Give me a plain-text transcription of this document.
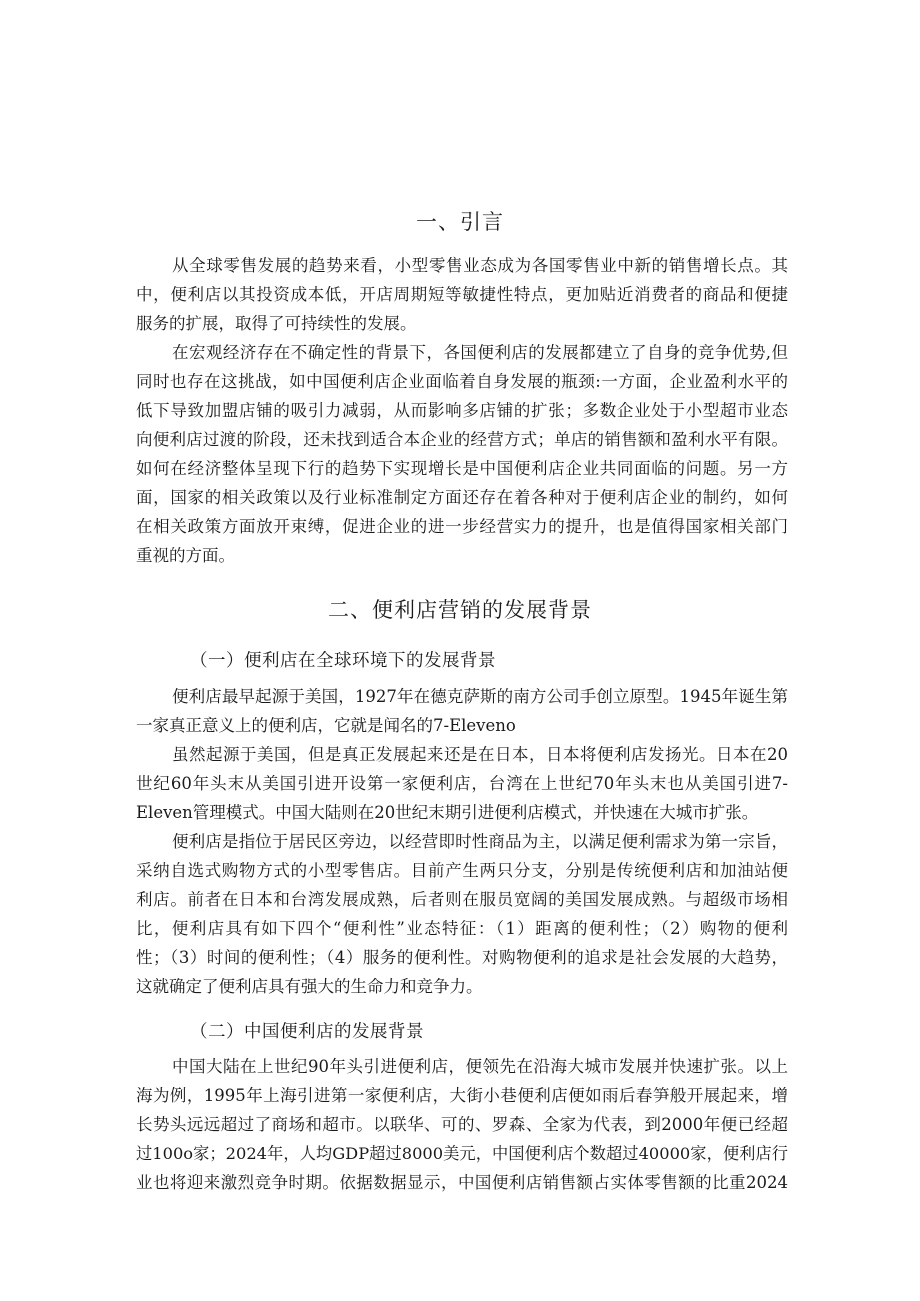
一、引言
从全球零售发展的趋势来看，小型零售业态成为各国零售业中新的销售增长点。其
中，便利店以其投资成本低，开店周期短等敏捷性特点，更加贴近消费者的商品和便捷
服务的扩展，取得了可持续性的发展。
在宏观经济存在不确定性的背景下，各国便利店的发展都建立了自身的竞争优势,但
同时也存在这挑战，如中国便利店企业面临着自身发展的瓶颈:一方面，企业盈利水平的
低下导致加盟店铺的吸引力减弱，从而影响多店铺的扩张；多数企业处于小型超市业态
向便利店过渡的阶段，还未找到适合本企业的经营方式；单店的销售额和盈利水平有限。
如何在经济整体呈现下行的趋势下实现增长是中国便利店企业共同面临的问题。另一方
面，国家的相关政策以及行业标准制定方面还存在着各种对于便利店企业的制约，如何
在相关政策方面放开束缚，促进企业的进一步经营实力的提升，也是值得国家相关部门
重视的方面。
二、便利店营销的发展背景
（一）便利店在全球环境下的发展背景
便利店最早起源于美国，1927年在德克萨斯的南方公司手创立原型。1945年诞生第
一家真正意义上的便利店，它就是闻名的7-Eleveno
虽然起源于美国，但是真正发展起来还是在日本，日本将便利店发扬光。日本在20
世纪60年头末从美国引进开设第一家便利店，台湾在上世纪70年头末也从美国引进7-
Eleven管理模式。中国大陆则在20世纪末期引进便利店模式，并快速在大城市扩张。
便利店是指位于居民区旁边，以经营即时性商品为主，以满足便利需求为第一宗旨，
采纳自选式购物方式的小型零售店。目前产生两只分支，分别是传统便利店和加油站便
利店。前者在日本和台湾发展成熟，后者则在服员宽阔的美国发展成熟。与超级市场相
比，便利店具有如下四个“便利性”业态特征：（1）距离的便利性；（2）购物的便利
性；（3）时间的便利性；（4）服务的便利性。对购物便利的追求是社会发展的大趋势，
这就确定了便利店具有强大的生命力和竞争力。
（二）中国便利店的发展背景
中国大陆在上世纪90年头引进便利店，便领先在沿海大城市发展并快速扩张。以上
海为例，1995年上海引进第一家便利店，大街小巷便利店便如雨后春笋般开展起来，增
长势头远远超过了商场和超市。以联华、可的、罗森、全家为代表，到2000年便已经超
过100o家；2024年，人均GDP超过8000美元，中国便利店个数超过40000家，便利店行
业也将迎来激烈竞争时期。依据数据显示，中国便利店销售额占实体零售额的比重2024
